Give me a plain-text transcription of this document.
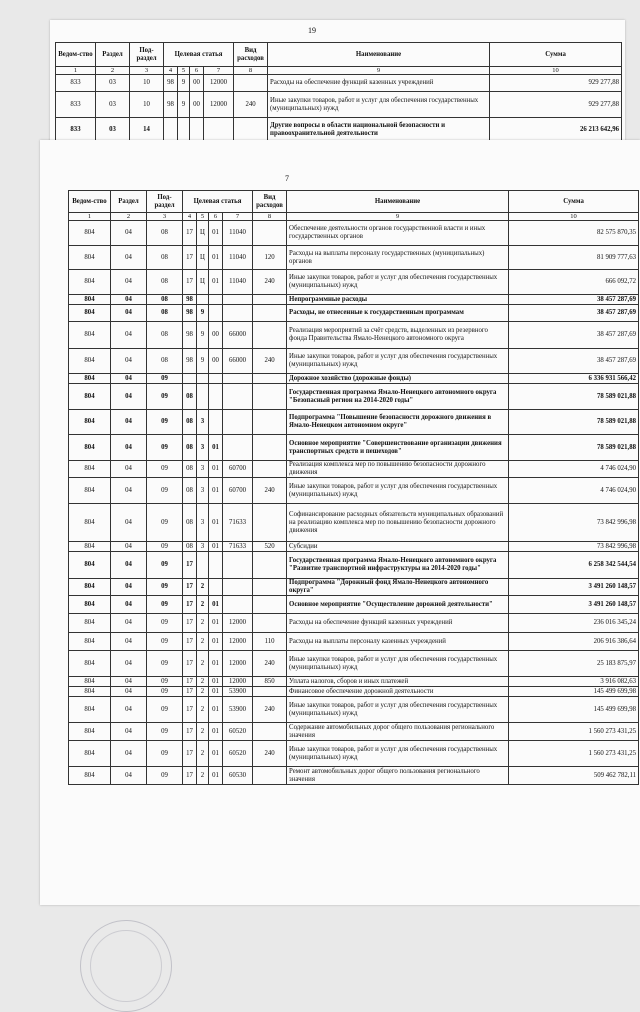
19
Ведом-ство	Раздел	Под-раздел	Целевая статья				Вид расходов	Наименование	Сумма
1	2	3	4	5	6	7	8	9	10
833	03	10	98	9	00	12000		Расходы на обеспечение функций казенных учреждений	929 277,88
833	03	10	98	9	00	12000	240	Иные закупки товаров, работ и услуг для обеспечения государственных (муниципальных) нужд	929 277,88
833	03	14						Другие вопросы в области национальной безопасности и правоохранительной деятельности	26 213 642,96
7
Ведом-ство	Раздел	Под-раздел	Целевая статья				Вид расходов	Наименование	Сумма
1	2	3	4	5	6	7	8	9	10
804	04	08	17	Ц	01	11040		Обеспечение деятельности органов государственной власти и иных государственных органов	82 575 870,35
804	04	08	17	Ц	01	11040	120	Расходы на выплаты персоналу государственных (муниципальных) органов	81 909 777,63
804	04	08	17	Ц	01	11040	240	Иные закупки товаров, работ и услуг для обеспечения государственных (муниципальных) нужд	666 092,72
804	04	08	98					Непрограммные расходы	38 457 287,69
804	04	08	98	9				Расходы, не отнесенные к государственным программам	38 457 287,69
804	04	08	98	9	00	66000		Реализация мероприятий за счёт средств, выделенных из резервного фонда Правительства Ямало-Ненецкого автономного округа	38 457 287,69
804	04	08	98	9	00	66000	240	Иные закупки товаров, работ и услуг для обеспечения государственных (муниципальных) нужд	38 457 287,69
804	04	09						Дорожное хозяйство (дорожные фонды)	6 336 931 566,42
804	04	09	08					Государственная программа Ямало-Ненецкого автономного округа "Безопасный регион на 2014-2020 годы"	78 589 021,88
804	04	09	08	3				Подпрограмма "Повышение безопасности дорожного движения в Ямало-Ненецком автономном округе"	78 589 021,88
804	04	09	08	3	01			Основное мероприятие "Совершенствование организации движения транспортных средств и пешеходов"	78 589 021,88
804	04	09	08	3	01	60700		Реализация комплекса мер по повышению безопасности дорожного движения	4 746 024,90
804	04	09	08	3	01	60700	240	Иные закупки товаров, работ и услуг для обеспечения государственных (муниципальных) нужд	4 746 024,90
804	04	09	08	3	01	71633		Софинансирование расходных обязательств муниципальных образований на реализацию комплекса мер по повышению безопасности дорожного движения	73 842 996,98
804	04	09	08	3	01	71633	520	Субсидии	73 842 996,98
804	04	09	17					Государственная программа Ямало-Ненецкого автономного округа "Развитие транспортной инфраструктуры на 2014-2020 годы"	6 258 342 544,54
804	04	09	17	2				Подпрограмма "Дорожный фонд Ямало-Ненецкого автономного округа"	3 491 260 148,57
804	04	09	17	2	01			Основное мероприятие "Осуществление дорожной деятельности"	3 491 260 148,57
804	04	09	17	2	01	12000		Расходы на обеспечение функций казенных учреждений	236 016 345,24
804	04	09	17	2	01	12000	110	Расходы на выплаты персоналу казенных учреждений	206 916 386,64
804	04	09	17	2	01	12000	240	Иные закупки товаров, работ и услуг для обеспечения государственных (муниципальных) нужд	25 183 875,97
804	04	09	17	2	01	12000	850	Уплата налогов, сборов и иных платежей	3 916 082,63
804	04	09	17	2	01	53900		Финансовое обеспечение дорожной деятельности	145 499 699,98
804	04	09	17	2	01	53900	240	Иные закупки товаров, работ и услуг для обеспечения государственных (муниципальных) нужд	145 499 699,98
804	04	09	17	2	01	60520		Содержание автомобильных дорог общего пользования регионального значения	1 560 273 431,25
804	04	09	17	2	01	60520	240	Иные закупки товаров, работ и услуг для обеспечения государственных (муниципальных) нужд	1 560 273 431,25
804	04	09	17	2	01	60530		Ремонт автомобильных дорог общего пользования регионального значения	509 462 782,11
